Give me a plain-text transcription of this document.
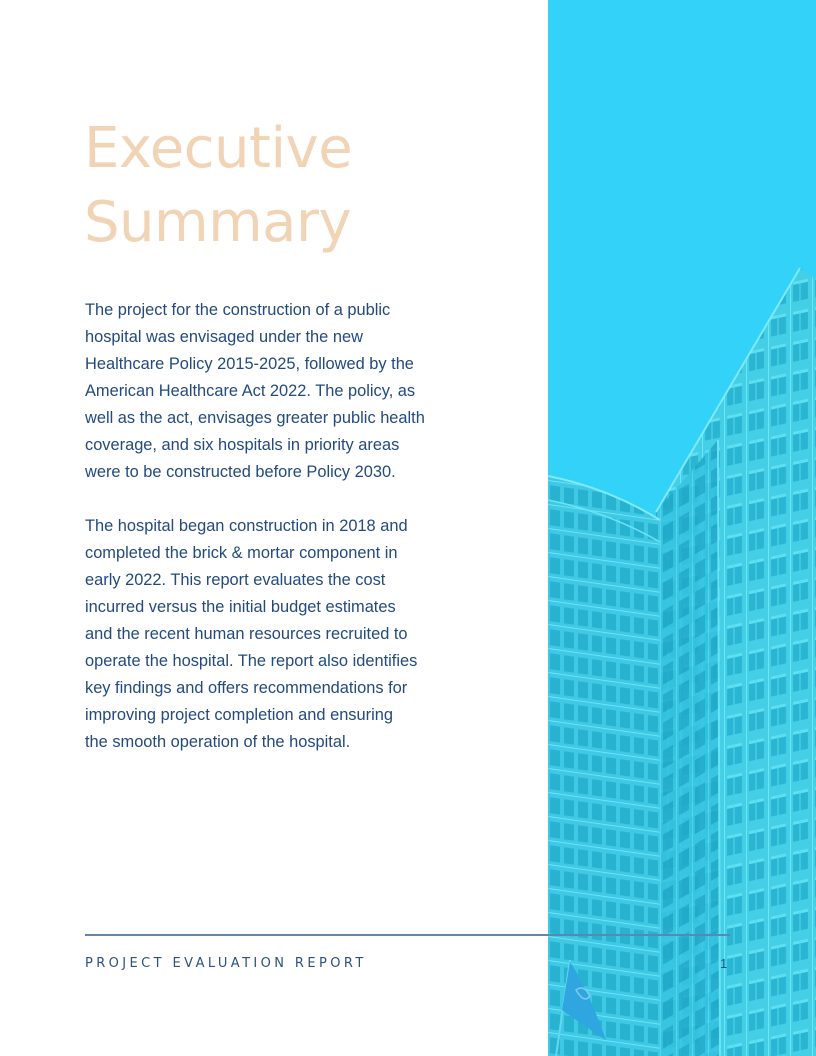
Executive
Summary

The project for the construction of a public
hospital was envisaged under the new
Healthcare Policy 2015-2025, followed by the
American Healthcare Act 2022. The policy, as
well as the act, envisages greater public health
coverage, and six hospitals in priority areas
were to be constructed before Policy 2030.

The hospital began construction in 2018 and
completed the brick & mortar component in
early 2022. This report evaluates the cost
incurred versus the initial budget estimates
and the recent human resources recruited to
operate the hospital. The report also identifies
key findings and offers recommendations for
improving project completion and ensuring
the smooth operation of the hospital.

PROJECT EVALUATION REPORT	1
